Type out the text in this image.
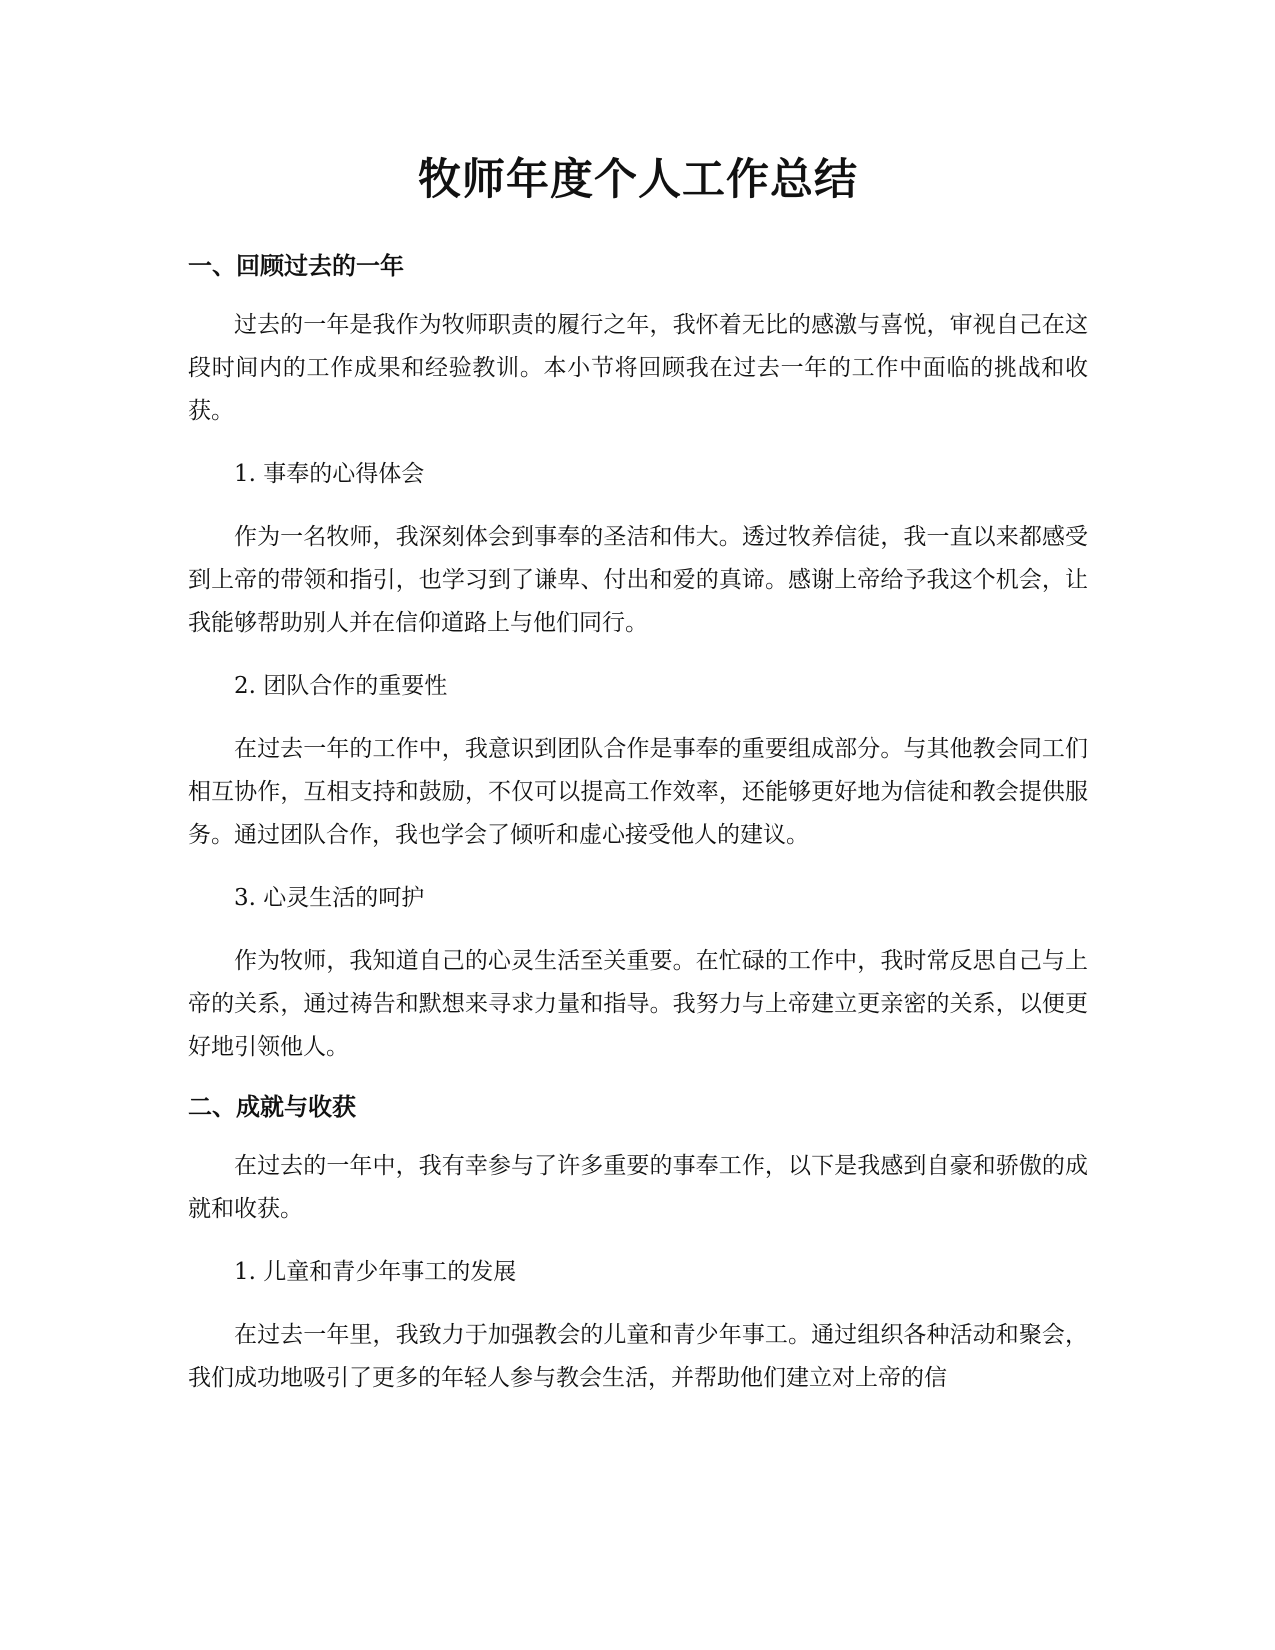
牧师年度个人工作总结
一、回顾过去的一年

过去的一年是我作为牧师职责的履行之年，我怀着无比的感激与喜悦，审视自己在这段时间内的工作成果和经验教训。本小节将回顾我在过去一年的工作中面临的挑战和收获。

1. 事奉的心得体会

作为一名牧师，我深刻体会到事奉的圣洁和伟大。透过牧养信徒，我一直以来都感受到上帝的带领和指引，也学习到了谦卑、付出和爱的真谛。感谢上帝给予我这个机会，让我能够帮助别人并在信仰道路上与他们同行。

2. 团队合作的重要性

在过去一年的工作中，我意识到团队合作是事奉的重要组成部分。与其他教会同工们相互协作，互相支持和鼓励，不仅可以提高工作效率，还能够更好地为信徒和教会提供服务。通过团队合作，我也学会了倾听和虚心接受他人的建议。

3. 心灵生活的呵护

作为牧师，我知道自己的心灵生活至关重要。在忙碌的工作中，我时常反思自己与上帝的关系，通过祷告和默想来寻求力量和指导。我努力与上帝建立更亲密的关系，以便更好地引领他人。

二、成就与收获

在过去的一年中，我有幸参与了许多重要的事奉工作，以下是我感到自豪和骄傲的成就和收获。

1. 儿童和青少年事工的发展

在过去一年里，我致力于加强教会的儿童和青少年事工。通过组织各种活动和聚会，我们成功地吸引了更多的年轻人参与教会生活，并帮助他们建立对上帝的信
